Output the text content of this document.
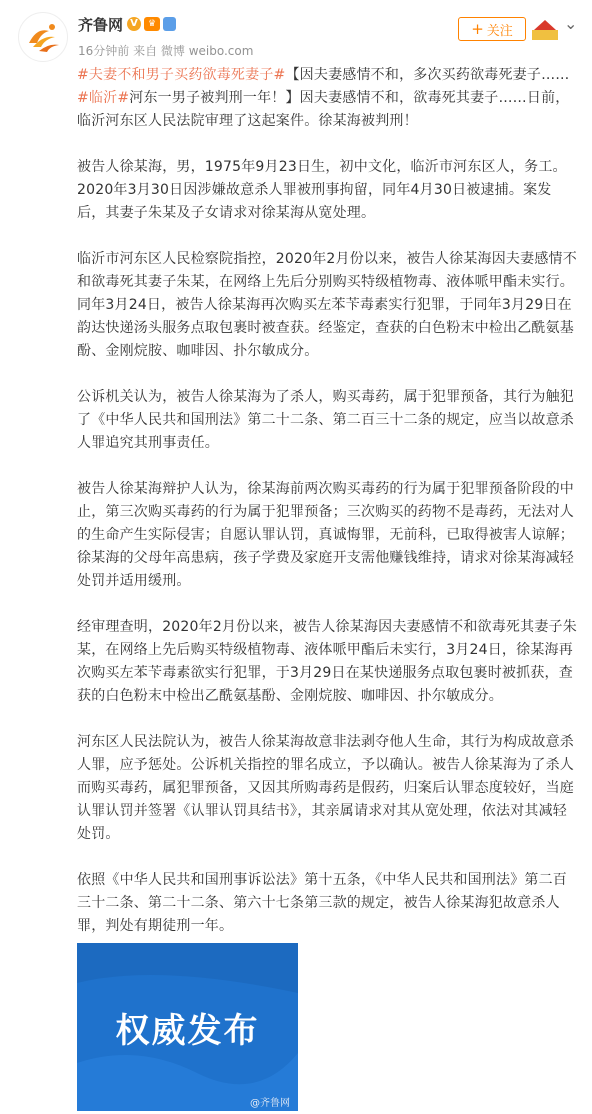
齐鲁网 V	♛
16分钟前 来自 微博 weibo.com
+ 关注	⌄

#夫妻不和男子买药欲毒死妻子#【因夫妻感情不和，多次买药欲毒死妻子……#临沂#河东一男子被判刑一年！】因夫妻感情不和，欲毒死其妻子……日前，临沂河东区人民法院审理了这起案件。徐某海被判刑！

被告人徐某海，男，1975年9月23日生，初中文化，临沂市河东区人，务工。2020年3月30日因涉嫌故意杀人罪被刑事拘留，同年4月30日被逮捕。案发后，其妻子朱某及子女请求对徐某海从宽处理。

临沂市河东区人民检察院指控，2020年2月份以来，被告人徐某海因夫妻感情不和欲毒死其妻子朱某，在网络上先后分别购买特级植物毒、液体哌甲酯未实行。同年3月24日，被告人徐某海再次购买左苯苄毒素实行犯罪，于同年3月29日在韵达快递汤头服务点取包裹时被查获。经鉴定，查获的白色粉末中检出乙酰氨基酚、金刚烷胺、咖啡因、扑尔敏成分。

公诉机关认为，被告人徐某海为了杀人，购买毒药，属于犯罪预备，其行为触犯了《中华人民共和国刑法》第二十二条、第二百三十二条的规定，应当以故意杀人罪追究其刑事责任。

被告人徐某海辩护人认为，徐某海前两次购买毒药的行为属于犯罪预备阶段的中止，第三次购买毒药的行为属于犯罪预备；三次购买的药物不是毒药，无法对人的生命产生实际侵害；自愿认罪认罚，真诚悔罪，无前科，已取得被害人谅解；徐某海的父母年高患病，孩子学费及家庭开支需他赚钱维持，请求对徐某海减轻处罚并适用缓刑。

经审理查明，2020年2月份以来，被告人徐某海因夫妻感情不和欲毒死其妻子朱某，在网络上先后购买特级植物毒、液体哌甲酯后未实行，3月24日，徐某海再次购买左苯苄毒素欲实行犯罪，于3月29日在某快递服务点取包裹时被抓获，查获的白色粉末中检出乙酰氨基酚、金刚烷胺、咖啡因、扑尔敏成分。

河东区人民法院认为，被告人徐某海故意非法剥夺他人生命，其行为构成故意杀人罪，应予惩处。公诉机关指控的罪名成立，予以确认。被告人徐某海为了杀人而购买毒药，属犯罪预备，又因其所购毒药是假药，归案后认罪态度较好，当庭认罪认罚并签署《认罪认罚具结书》，其亲属请求对其从宽处理，依法对其减轻处罚。

依照《中华人民共和国刑事诉讼法》第十五条，《中华人民共和国刑法》第二百三十二条、第二十二条、第六十七条第三款的规定，被告人徐某海犯故意杀人罪，判处有期徒刑一年。

权威发布
@齐鲁网
